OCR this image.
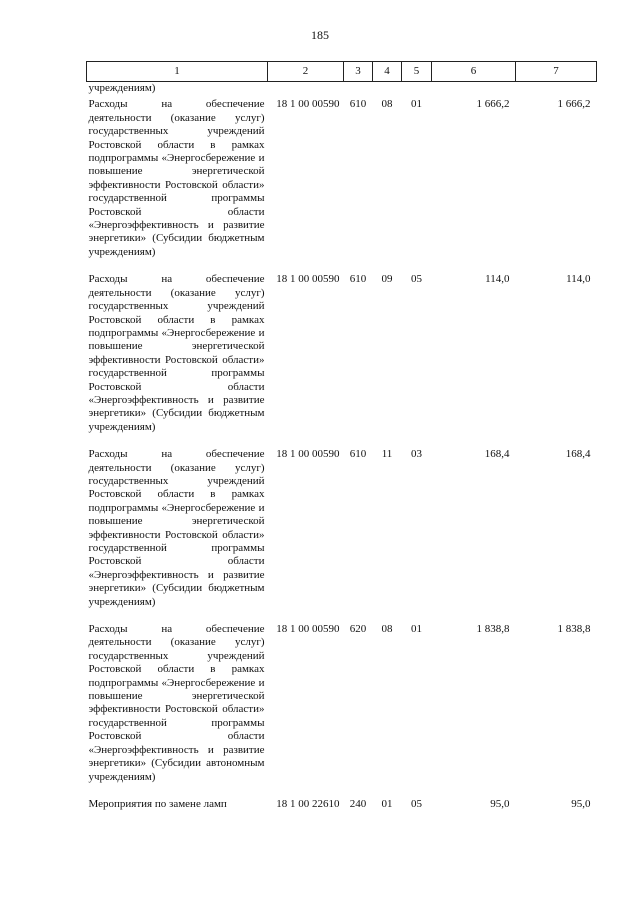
185
1	2	3	4	5	6	7
учреждениям)						
Расходы на обеспечение деятельности (оказание услуг) государственных учреждений Ростовской области в рамках подпрограммы «Энергосбережение и повышение энергетической эффективности Ростовской области» государственной программы Ростовской области «Энергоэффективность и развитие энергетики» (Субсидии бюджетным учреждениям)	18 1 00 00590	610	08	01	1 666,2	1 666,2
Расходы на обеспечение деятельности (оказание услуг) государственных учреждений Ростовской области в рамках подпрограммы «Энергосбережение и повышение энергетической эффективности Ростовской области» государственной программы Ростовской области «Энергоэффективность и развитие энергетики» (Субсидии бюджетным учреждениям)	18 1 00 00590	610	09	05	114,0	114,0
Расходы на обеспечение деятельности (оказание услуг) государственных учреждений Ростовской области в рамках подпрограммы «Энергосбережение и повышение энергетической эффективности Ростовской области» государственной программы Ростовской области «Энергоэффективность и развитие энергетики» (Субсидии бюджетным учреждениям)	18 1 00 00590	610	11	03	168,4	168,4
Расходы на обеспечение деятельности (оказание услуг) государственных учреждений Ростовской области в рамках подпрограммы «Энергосбережение и повышение энергетической эффективности Ростовской области» государственной программы Ростовской области «Энергоэффективность и развитие энергетики» (Субсидии автономным учреждениям)	18 1 00 00590	620	08	01	1 838,8	1 838,8
Мероприятия по замене ламп	18 1 00 22610	240	01	05	95,0	95,0
